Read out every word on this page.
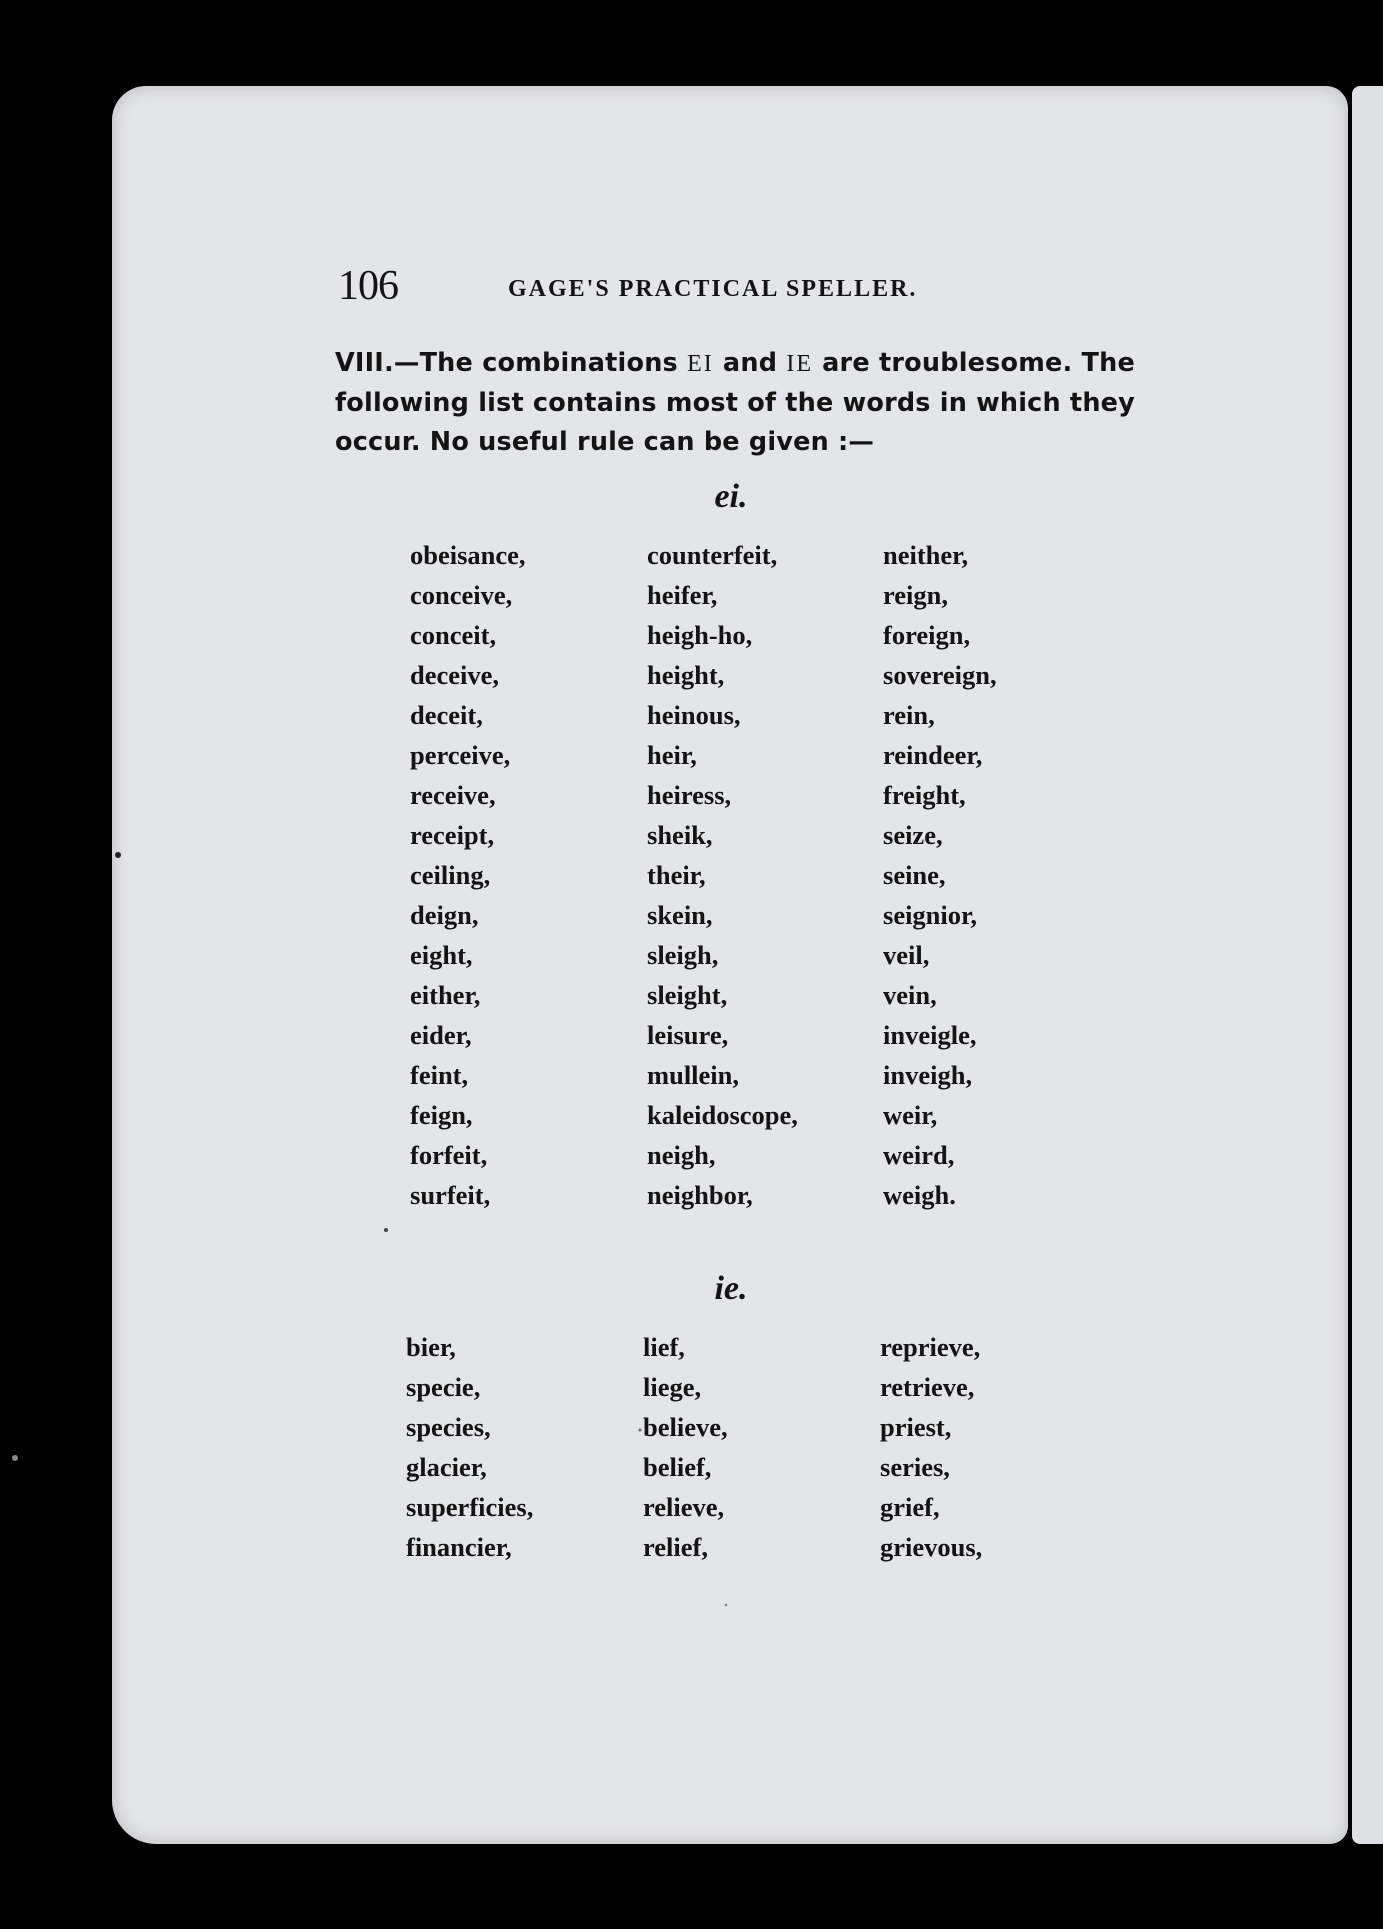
106	GAGE'S PRACTICAL SPELLER.
VIII.—The combinations EI and IE are troublesome. The following list contains most of the words in which they occur. No useful rule can be given :—
ei.
obeisance,
conceive,
conceit,
deceive,
deceit,
perceive,
receive,
receipt,
ceiling,
deign,
eight,
either,
eider,
feint,
feign,
forfeit,
surfeit,
counterfeit,
heifer,
heigh-ho,
height,
heinous,
heir,
heiress,
sheik,
their,
skein,
sleigh,
sleight,
leisure,
mullein,
kaleidoscope,
neigh,
neighbor,
neither,
reign,
foreign,
sovereign,
rein,
reindeer,
freight,
seize,
seine,
seignior,
veil,
vein,
inveigle,
inveigh,
weir,
weird,
weigh.
ie.
bier,
specie,
species,
glacier,
superficies,
financier,
lief,
liege,
believe,
belief,
relieve,
relief,
reprieve,
retrieve,
priest,
series,
grief,
grievous,
